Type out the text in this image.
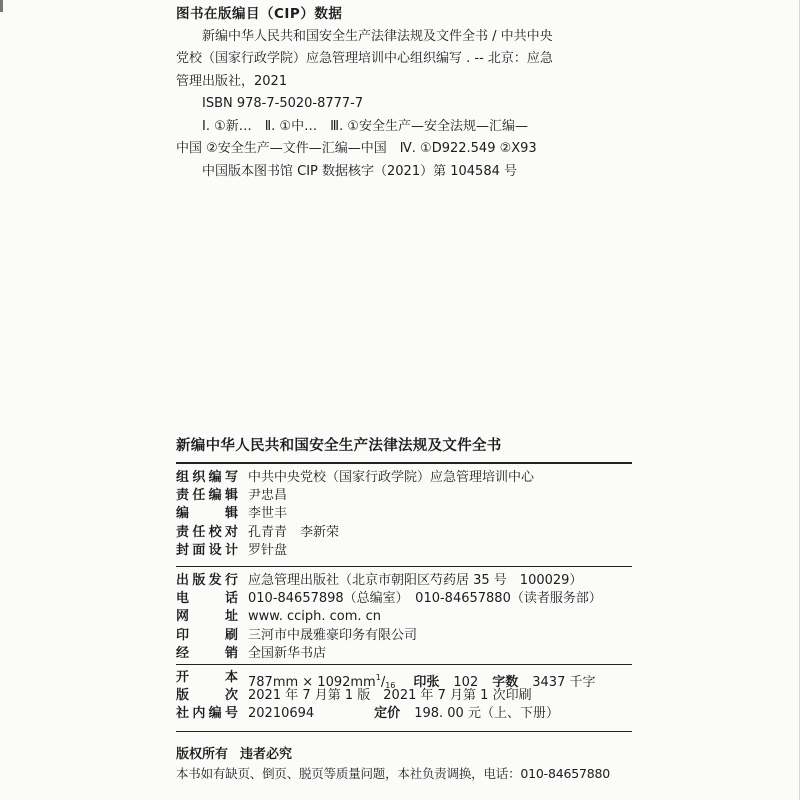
图书在版编目（CIP）数据

新编中华人民共和国安全生产法律法规及文件全书 / 中共中央

党校（国家行政学院）应急管理培训中心组织编写 . -- 北京：应急

管理出版社，2021

ISBN 978-7-5020-8777-7

Ⅰ. ①新…　Ⅱ. ①中…　Ⅲ. ①安全生产—安全法规—汇编—

中国 ②安全生产—文件—汇编—中国　Ⅳ. ①D922.549 ②X93

中国版本图书馆 CIP 数据核字（2021）第 104584 号

新编中华人民共和国安全生产法律法规及文件全书
组 织 编 写 中共中央党校（国家行政学院）应急管理培训中心
责 任 编 辑 尹忠昌
编	辑 李世丰
责 任 校 对 孔青青　李新荣
封 面 设 计 罗针盘
出 版 发 行 应急管理出版社（北京市朝阳区芍药居 35 号　100029）
电	话 010-84657898（总编室）　010-84657880（读者服务部）
网	址 www. cciph. com. cn
印	刷 三河市中晟雅豪印务有限公司
经	销 全国新华书店
开	本 $787mm \times 1092mm^1/_{16}$ 印张 102 字数 3437 千字
版	次 2021 年 7 月第 1 版　2021 年 7 月第 1 次印刷
社 内 编 号 20210694	定价 198. 00 元（上、下册）
版权所有 违者必究
本书如有缺页、倒页、脱页等质量问题，本社负责调换，电话：010-84657880
